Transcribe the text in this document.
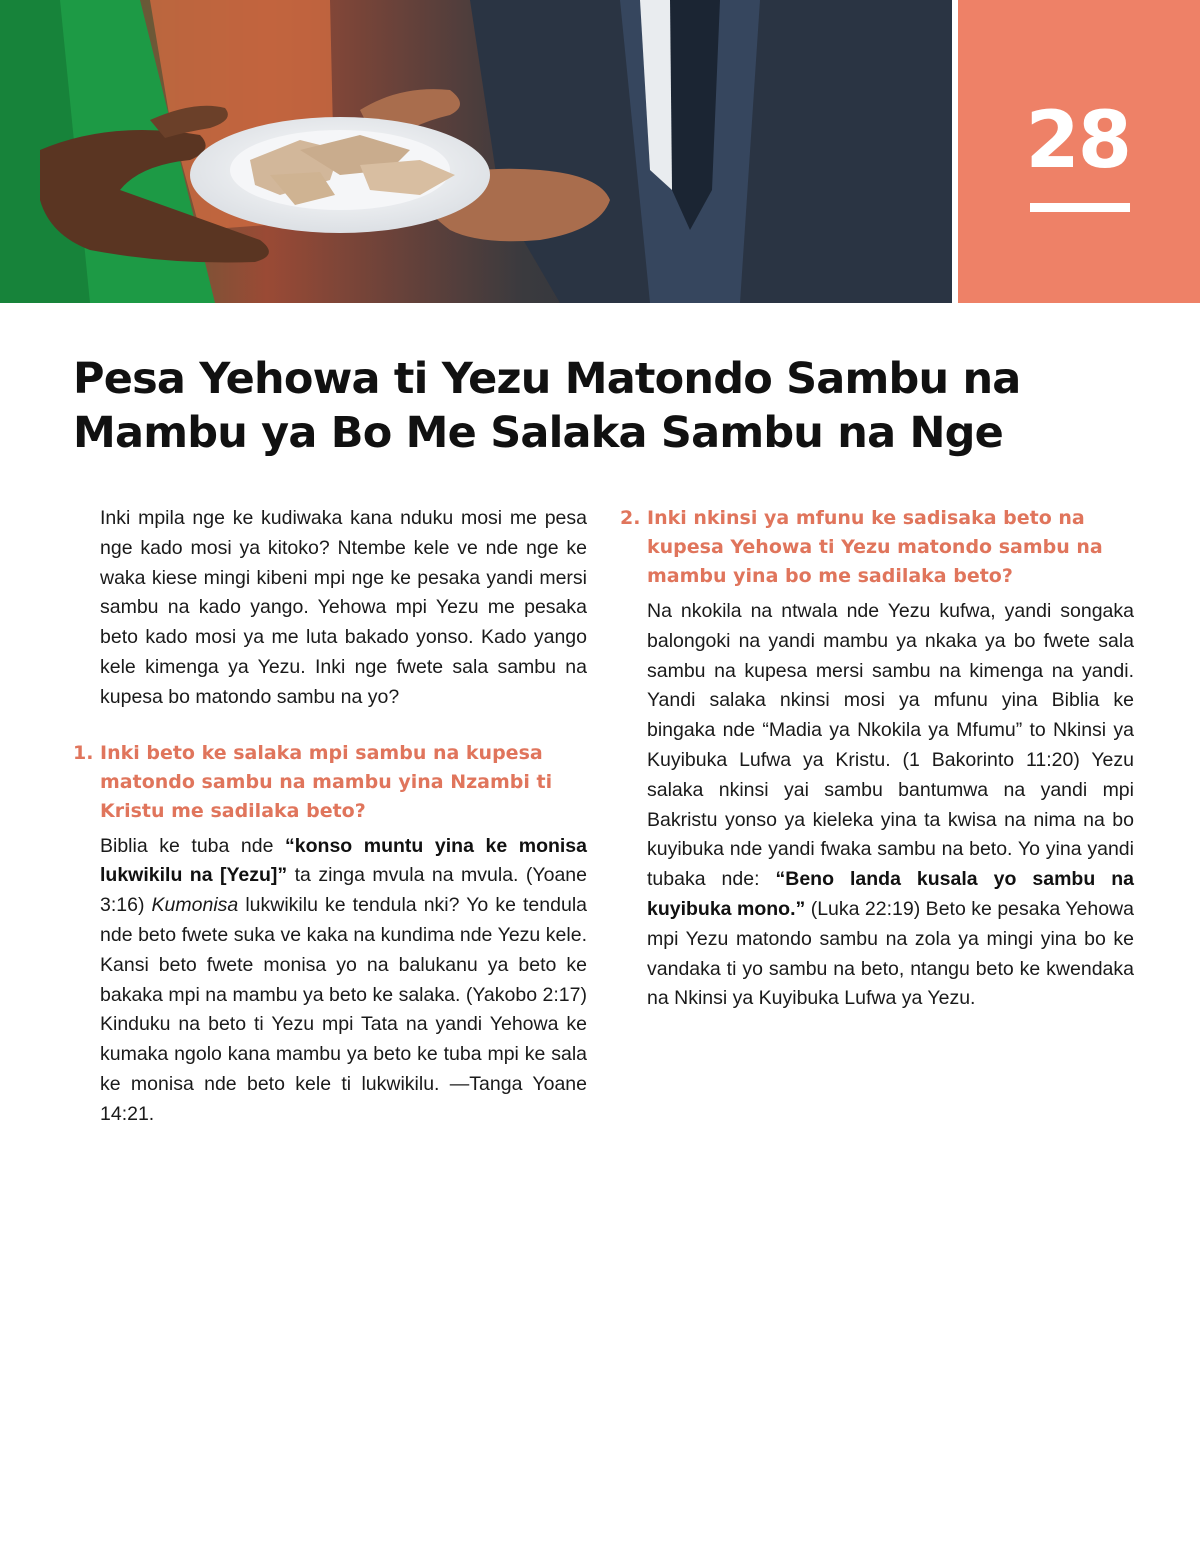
28
Pesa Yehowa ti Yezu Matondo Sambu na Mambu ya Bo Me Salaka Sambu na Nge

Inki mpila nge ke kudiwaka kana nduku mosi me pesa nge kado mosi ya kitoko? Ntembe kele ve nde nge ke waka kiese mingi kibeni mpi nge ke pesaka yandi mersi sambu na kado yango. Yehowa mpi Yezu me pesaka beto kado mosi ya me luta bakado yonso. Kado yango kele kimenga ya Yezu. Inki nge fwete sala sambu na kupesa bo matondo sambu na yo?

1. Inki beto ke salaka mpi sambu na kupesa matondo sambu na mambu yina Nzambi ti Kristu me sadilaka beto?

Biblia ke tuba nde “konso muntu yina ke monisa lukwikilu na [Yezu]” ta zinga mvula na mvula. (Yoane 3:16) Kumonisa lukwikilu ke tendula nki? Yo ke tendula nde beto fwete suka ve kaka na kundima nde Yezu kele. Kansi beto fwete monisa yo na balukanu ya beto ke bakaka mpi na mambu ya beto ke salaka. (Yakobo 2:17) Kinduku na beto ti Yezu mpi Tata na yandi Yehowa ke kumaka ngolo kana mambu ya beto ke tuba mpi ke sala ke monisa nde beto kele ti lukwikilu. —Tanga Yoane 14:21.

2. Inki nkinsi ya mfunu ke sadisaka beto na kupesa Yehowa ti Yezu matondo sambu na mambu yina bo me sadilaka beto?

Na nkokila na ntwala nde Yezu kufwa, yandi songaka balongoki na yandi mambu ya nkaka ya bo fwete sala sambu na kupesa mersi sambu na kimenga na yandi. Yandi salaka nkinsi mosi ya mfunu yina Biblia ke bingaka nde “Madia ya Nkokila ya Mfumu” to Nkinsi ya Kuyibuka Lufwa ya Kristu. (1 Bakorinto 11:20) Yezu salaka nkinsi yai sambu bantumwa na yandi mpi Bakristu yonso ya kieleka yina ta kwisa na nima na bo kuyibuka nde yandi fwaka sambu na beto. Yo yina yandi tubaka nde: “Beno landa kusala yo sambu na kuyibuka mono.” (Luka 22:19) Beto ke pesaka Yehowa mpi Yezu matondo sambu na zola ya mingi yina bo ke vandaka ti yo sambu na beto, ntangu beto ke kwendaka na Nkinsi ya Kuyibuka Lufwa ya Yezu.
